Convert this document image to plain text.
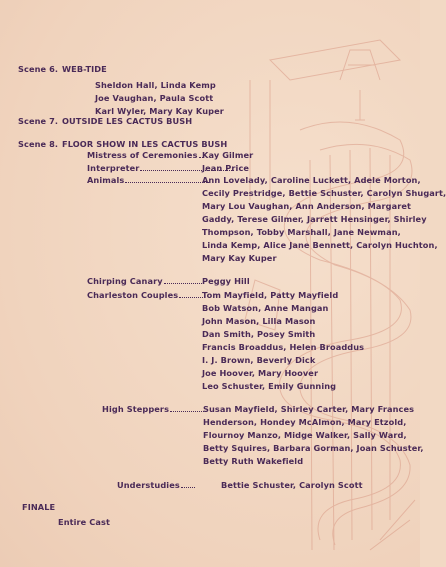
Scene 6. WEB-TIDE
Sheldon Hall, Linda Kemp
Joe Vaughan, Paula Scott
Karl Wyler, Mary Kay Kuper
Scene 7. OUTSIDE LES CACTUS BUSH
Scene 8. FLOOR SHOW IN LES CACTUS BUSH
Mistress of Ceremonies Kay Gilmer
Interpreter	Jean Price
Animals	Ann Lovelady, Caroline Luckett, Adele Morton,
Cecily Prestridge, Bettie Schuster, Carolyn Shugart,
Mary Lou Vaughan, Ann Anderson, Margaret
Gaddy, Terese Gilmer, Jarrett Hensinger, Shirley
Thompson, Tobby Marshall, Jane Newman,
Linda Kemp, Alice Jane Bennett, Carolyn Huchton,
Mary Kay Kuper
Chirping Canary	Peggy Hill
Charleston Couples	Tom Mayfield, Patty Mayfield
Bob Watson, Anne Mangan
John Mason, Lilla Mason
Dan Smith, Posey Smith
Francis Broaddus, Helen Broaddus
I. J. Brown, Beverly Dick
Joe Hoover, Mary Hoover
Leo Schuster, Emily Gunning
High Steppers	Susan Mayfield, Shirley Carter, Mary Frances
Henderson, Hondey McAlmon, Mary Etzold,
Flournoy Manzo, Midge Walker, Sally Ward,
Betty Squires, Barbara Gorman, Joan Schuster,
Betty Ruth Wakefield
Understudies	Bettie Schuster, Carolyn Scott
FINALE
Entire Cast
